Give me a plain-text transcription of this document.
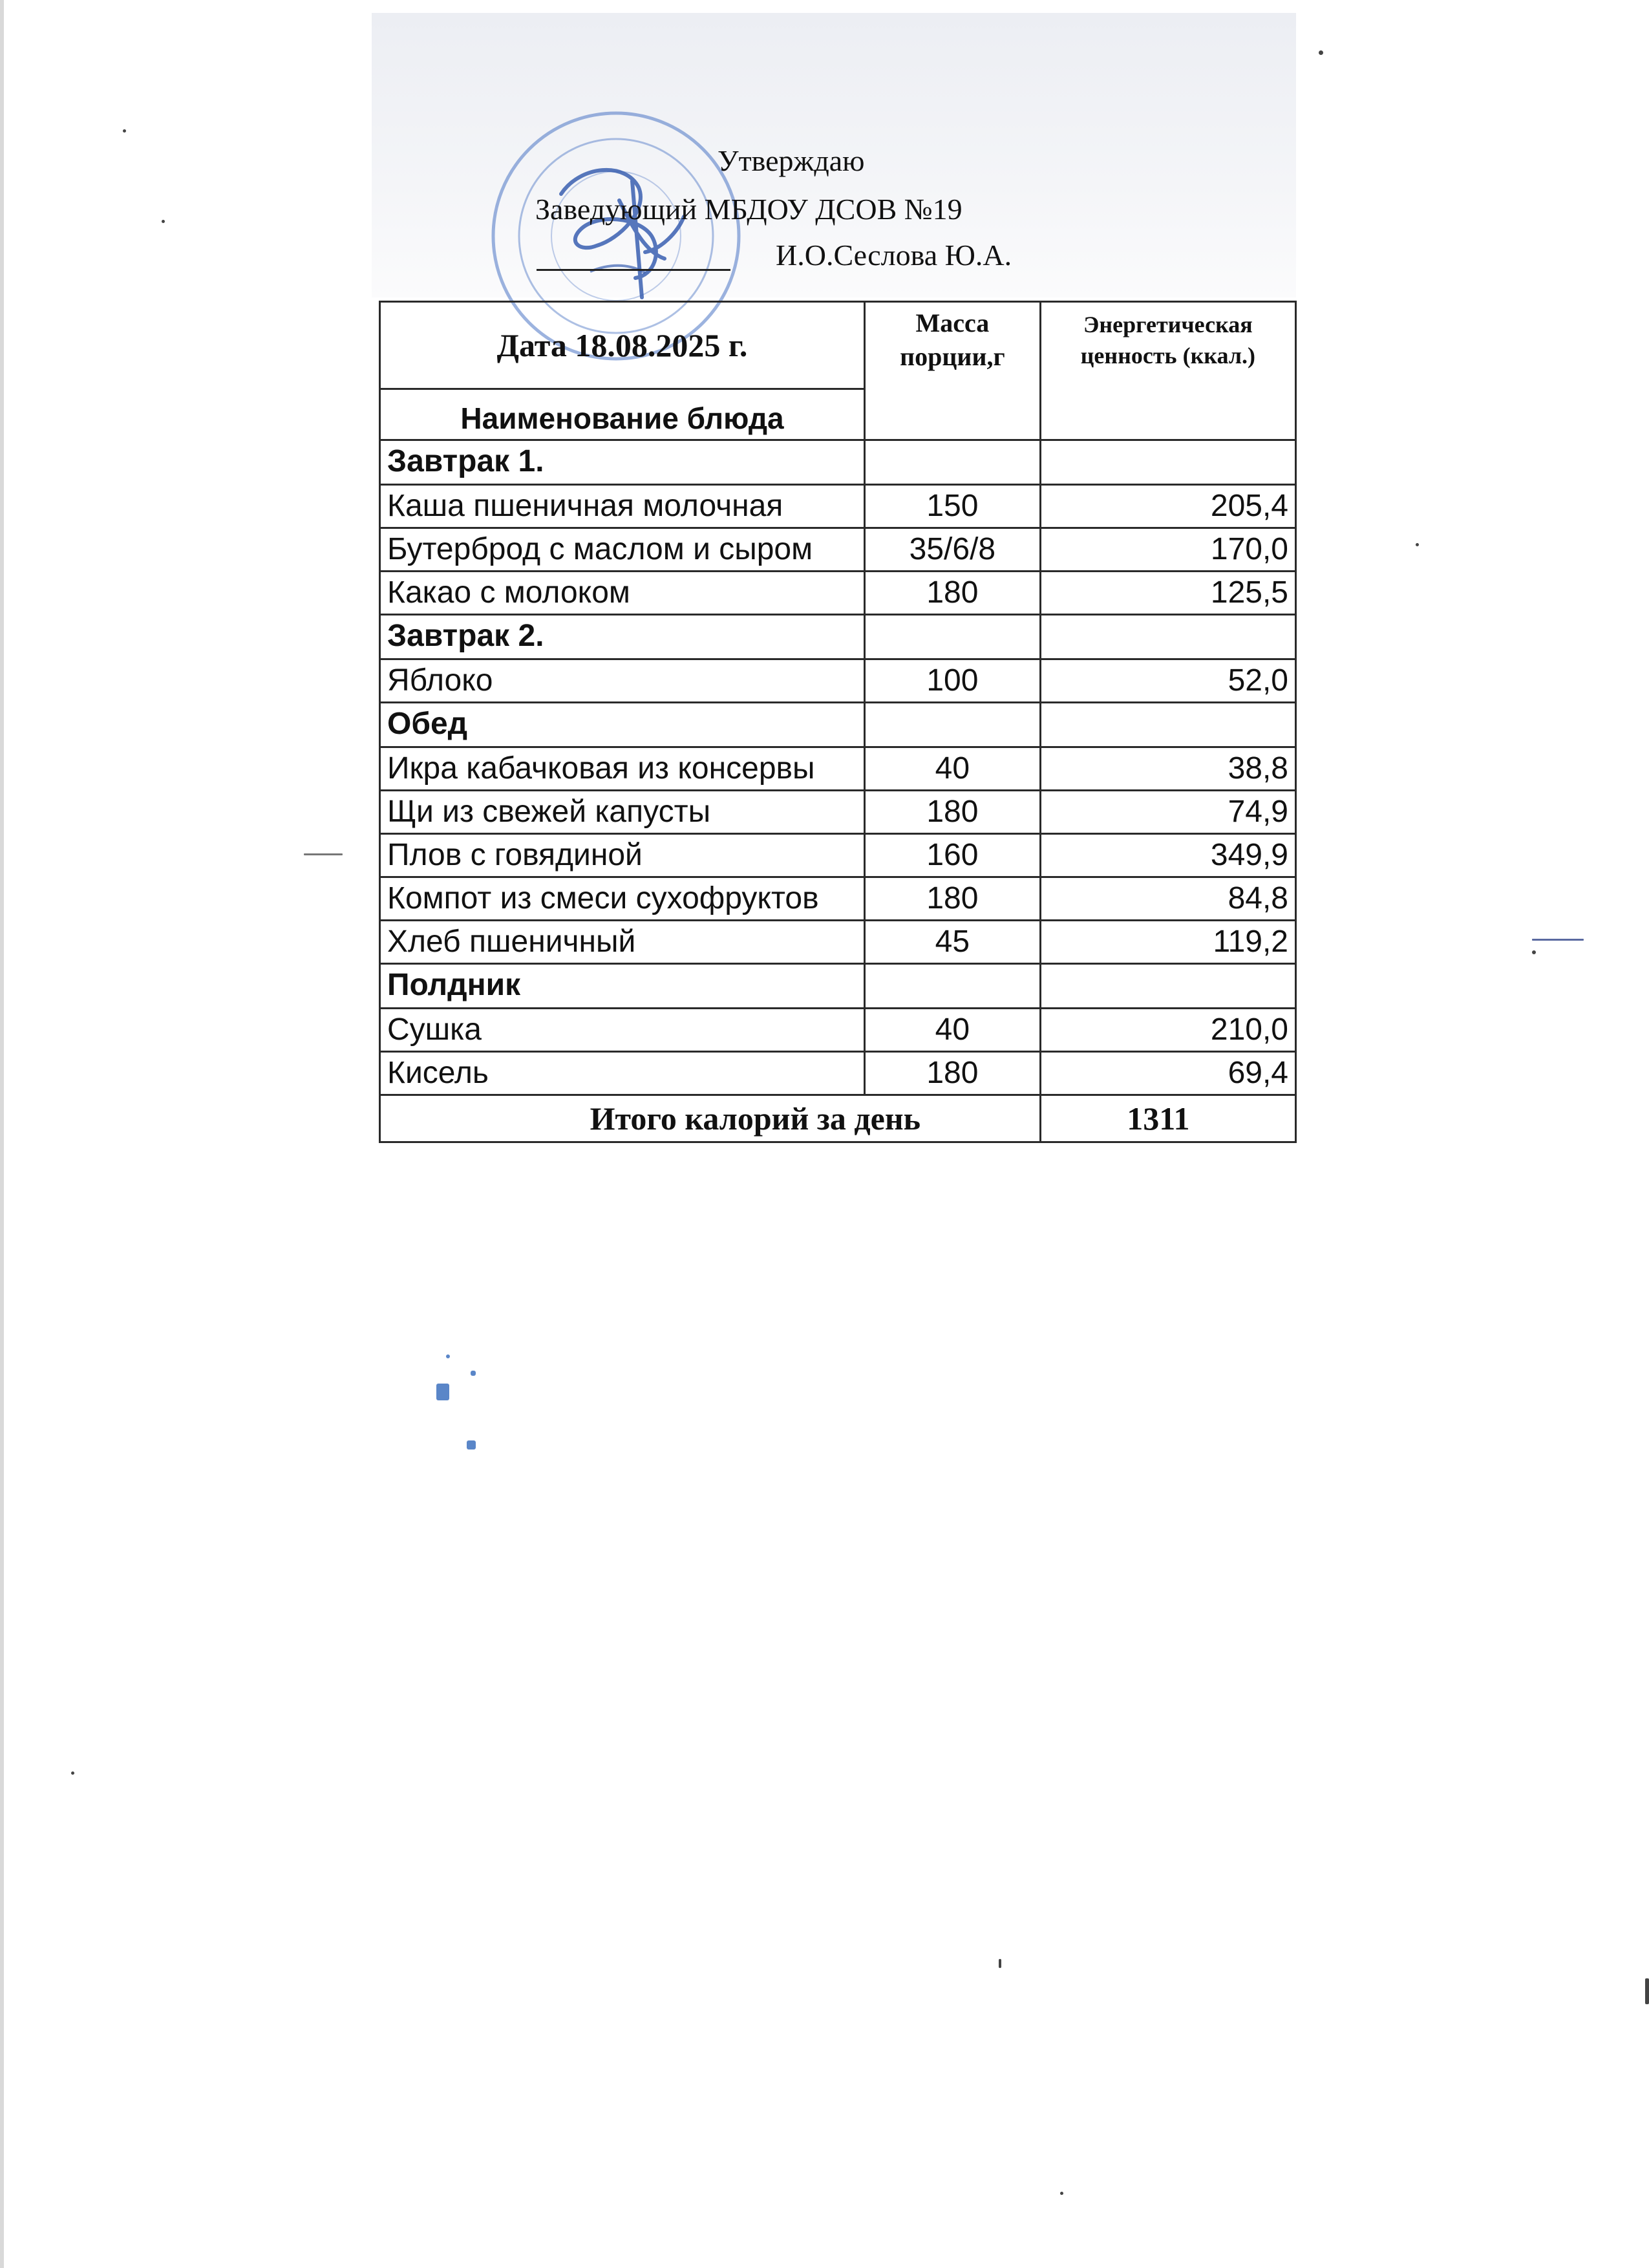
Утверждаю
Заведующий МБДОУ ДСОВ №19
И.О.Сеслова Ю.А.
Дата 18.08.2025 г.	Масса порции,г	Энергетическая ценность (ккал.)
Наименование блюда		
Завтрак 1.		
Каша пшеничная молочная	150	205,4
Бутерброд с маслом и сыром	35/6/8	170,0
Какао с молоком	180	125,5
Завтрак 2.		
Яблоко	100	52,0
Обед		
Икра кабачковая из консервы	40	38,8
Щи из свежей капусты	180	74,9
Плов с говядиной	160	349,9
Компот из смеси сухофруктов	180	84,8
Хлеб пшеничный	45	119,2
Полдник		
Сушка	40	210,0
Кисель	180	69,4
Итого калорий за день		1311
